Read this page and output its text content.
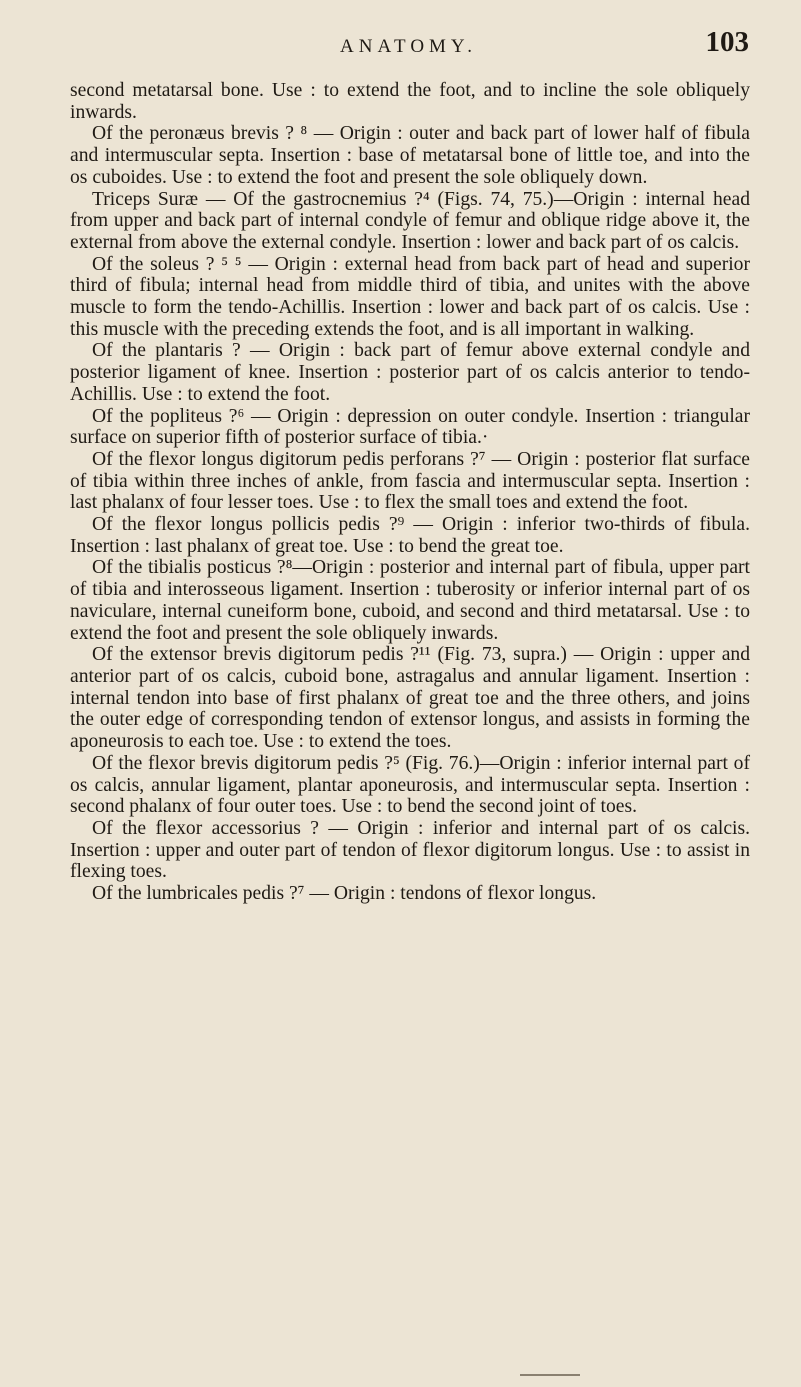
ANATOMY.	103

second metatarsal bone. Use : to extend the foot, and to incline the sole obliquely inwards.

Of the peronæus brevis ? ⁸ — Origin : outer and back part of lower half of fibula and intermuscular septa. Insertion : base of metatarsal bone of little toe, and into the os cuboides. Use : to extend the foot and present the sole obliquely down.

Triceps Suræ — Of the gastrocnemius ?⁴ (Figs. 74, 75.)—Origin : internal head from upper and back part of internal condyle of femur and oblique ridge above it, the external from above the external condyle. Insertion : lower and back part of os calcis.

Of the soleus ? ⁵ ⁵ — Origin : external head from back part of head and superior third of fibula; internal head from middle third of tibia, and unites with the above muscle to form the tendo-Achillis. Insertion : lower and back part of os calcis. Use : this muscle with the preceding extends the foot, and is all important in walking.

Of the plantaris ? — Origin : back part of femur above external condyle and posterior ligament of knee. Insertion : posterior part of os calcis anterior to tendo-Achillis. Use : to extend the foot.

Of the popliteus ?⁶ — Origin : depression on outer condyle. Insertion : triangular surface on superior fifth of posterior surface of tibia.·

Of the flexor longus digitorum pedis perforans ?⁷ — Origin : posterior flat surface of tibia within three inches of ankle, from fascia and intermuscular septa. Insertion : last phalanx of four lesser toes. Use : to flex the small toes and extend the foot.

Of the flexor longus pollicis pedis ?⁹ — Origin : inferior two-thirds of fibula. Insertion : last phalanx of great toe. Use : to bend the great toe.

Of the tibialis posticus ?⁸—Origin : posterior and internal part of fibula, upper part of tibia and interosseous ligament. Insertion : tuberosity or inferior internal part of os naviculare, internal cuneiform bone, cuboid, and second and third metatarsal. Use : to extend the foot and present the sole obliquely inwards.

Of the extensor brevis digitorum pedis ?¹¹ (Fig. 73, supra.) — Origin : upper and anterior part of os calcis, cuboid bone, astragalus and annular ligament. Insertion : internal tendon into base of first phalanx of great toe and the three others, and joins the outer edge of corresponding tendon of extensor longus, and assists in forming the aponeurosis to each toe. Use : to extend the toes.

Of the flexor brevis digitorum pedis ?⁵ (Fig. 76.)—Origin : inferior internal part of os calcis, annular ligament, plantar aponeurosis, and intermuscular septa. Insertion : second phalanx of four outer toes. Use : to bend the second joint of toes.

Of the flexor accessorius ? — Origin : inferior and internal part of os calcis. Insertion : upper and outer part of tendon of flexor digitorum longus. Use : to assist in flexing toes.

Of the lumbricales pedis ?⁷ — Origin : tendons of flexor longus.
